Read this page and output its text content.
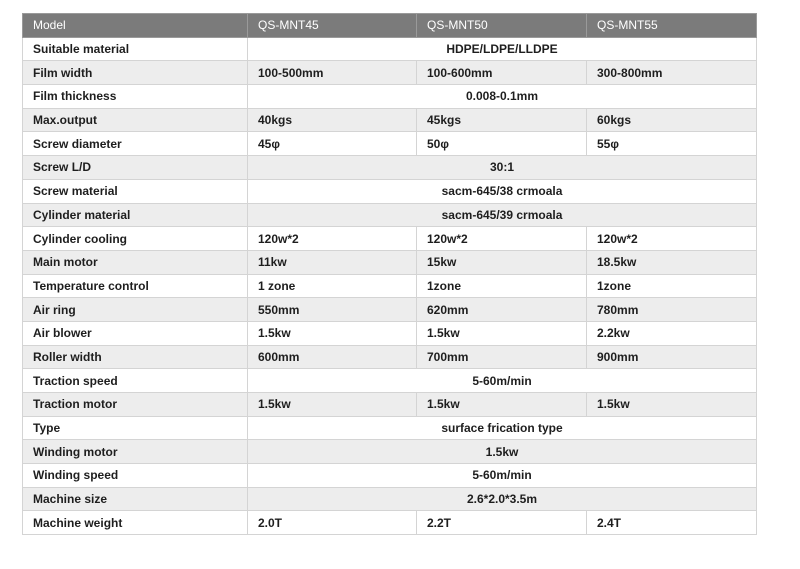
Model	QS-MNT45	QS-MNT50	QS-MNT55
Suitable material	HDPE/LDPE/LLDPE		
Film width	100-500mm	100-600mm	300-800mm
Film thickness	0.008-0.1mm		
Max.output	40kgs	45kgs	60kgs
Screw diameter	45φ	50φ	55φ
Screw L/D	30:1		
Screw material	sacm-645/38 crmoala		
Cylinder material	sacm-645/39 crmoala		
Cylinder cooling	120w*2	120w*2	120w*2
Main motor	11kw	15kw	18.5kw
Temperature control	1 zone	1zone	1zone
Air ring	550mm	620mm	780mm
Air blower	1.5kw	1.5kw	2.2kw
Roller width	600mm	700mm	900mm
Traction speed	5-60m/min		
Traction motor	1.5kw	1.5kw	1.5kw
Type	surface frication type		
Winding motor	1.5kw		
Winding speed	5-60m/min		
Machine size	2.6*2.0*3.5m		
Machine weight	2.0T	2.2T	2.4T
